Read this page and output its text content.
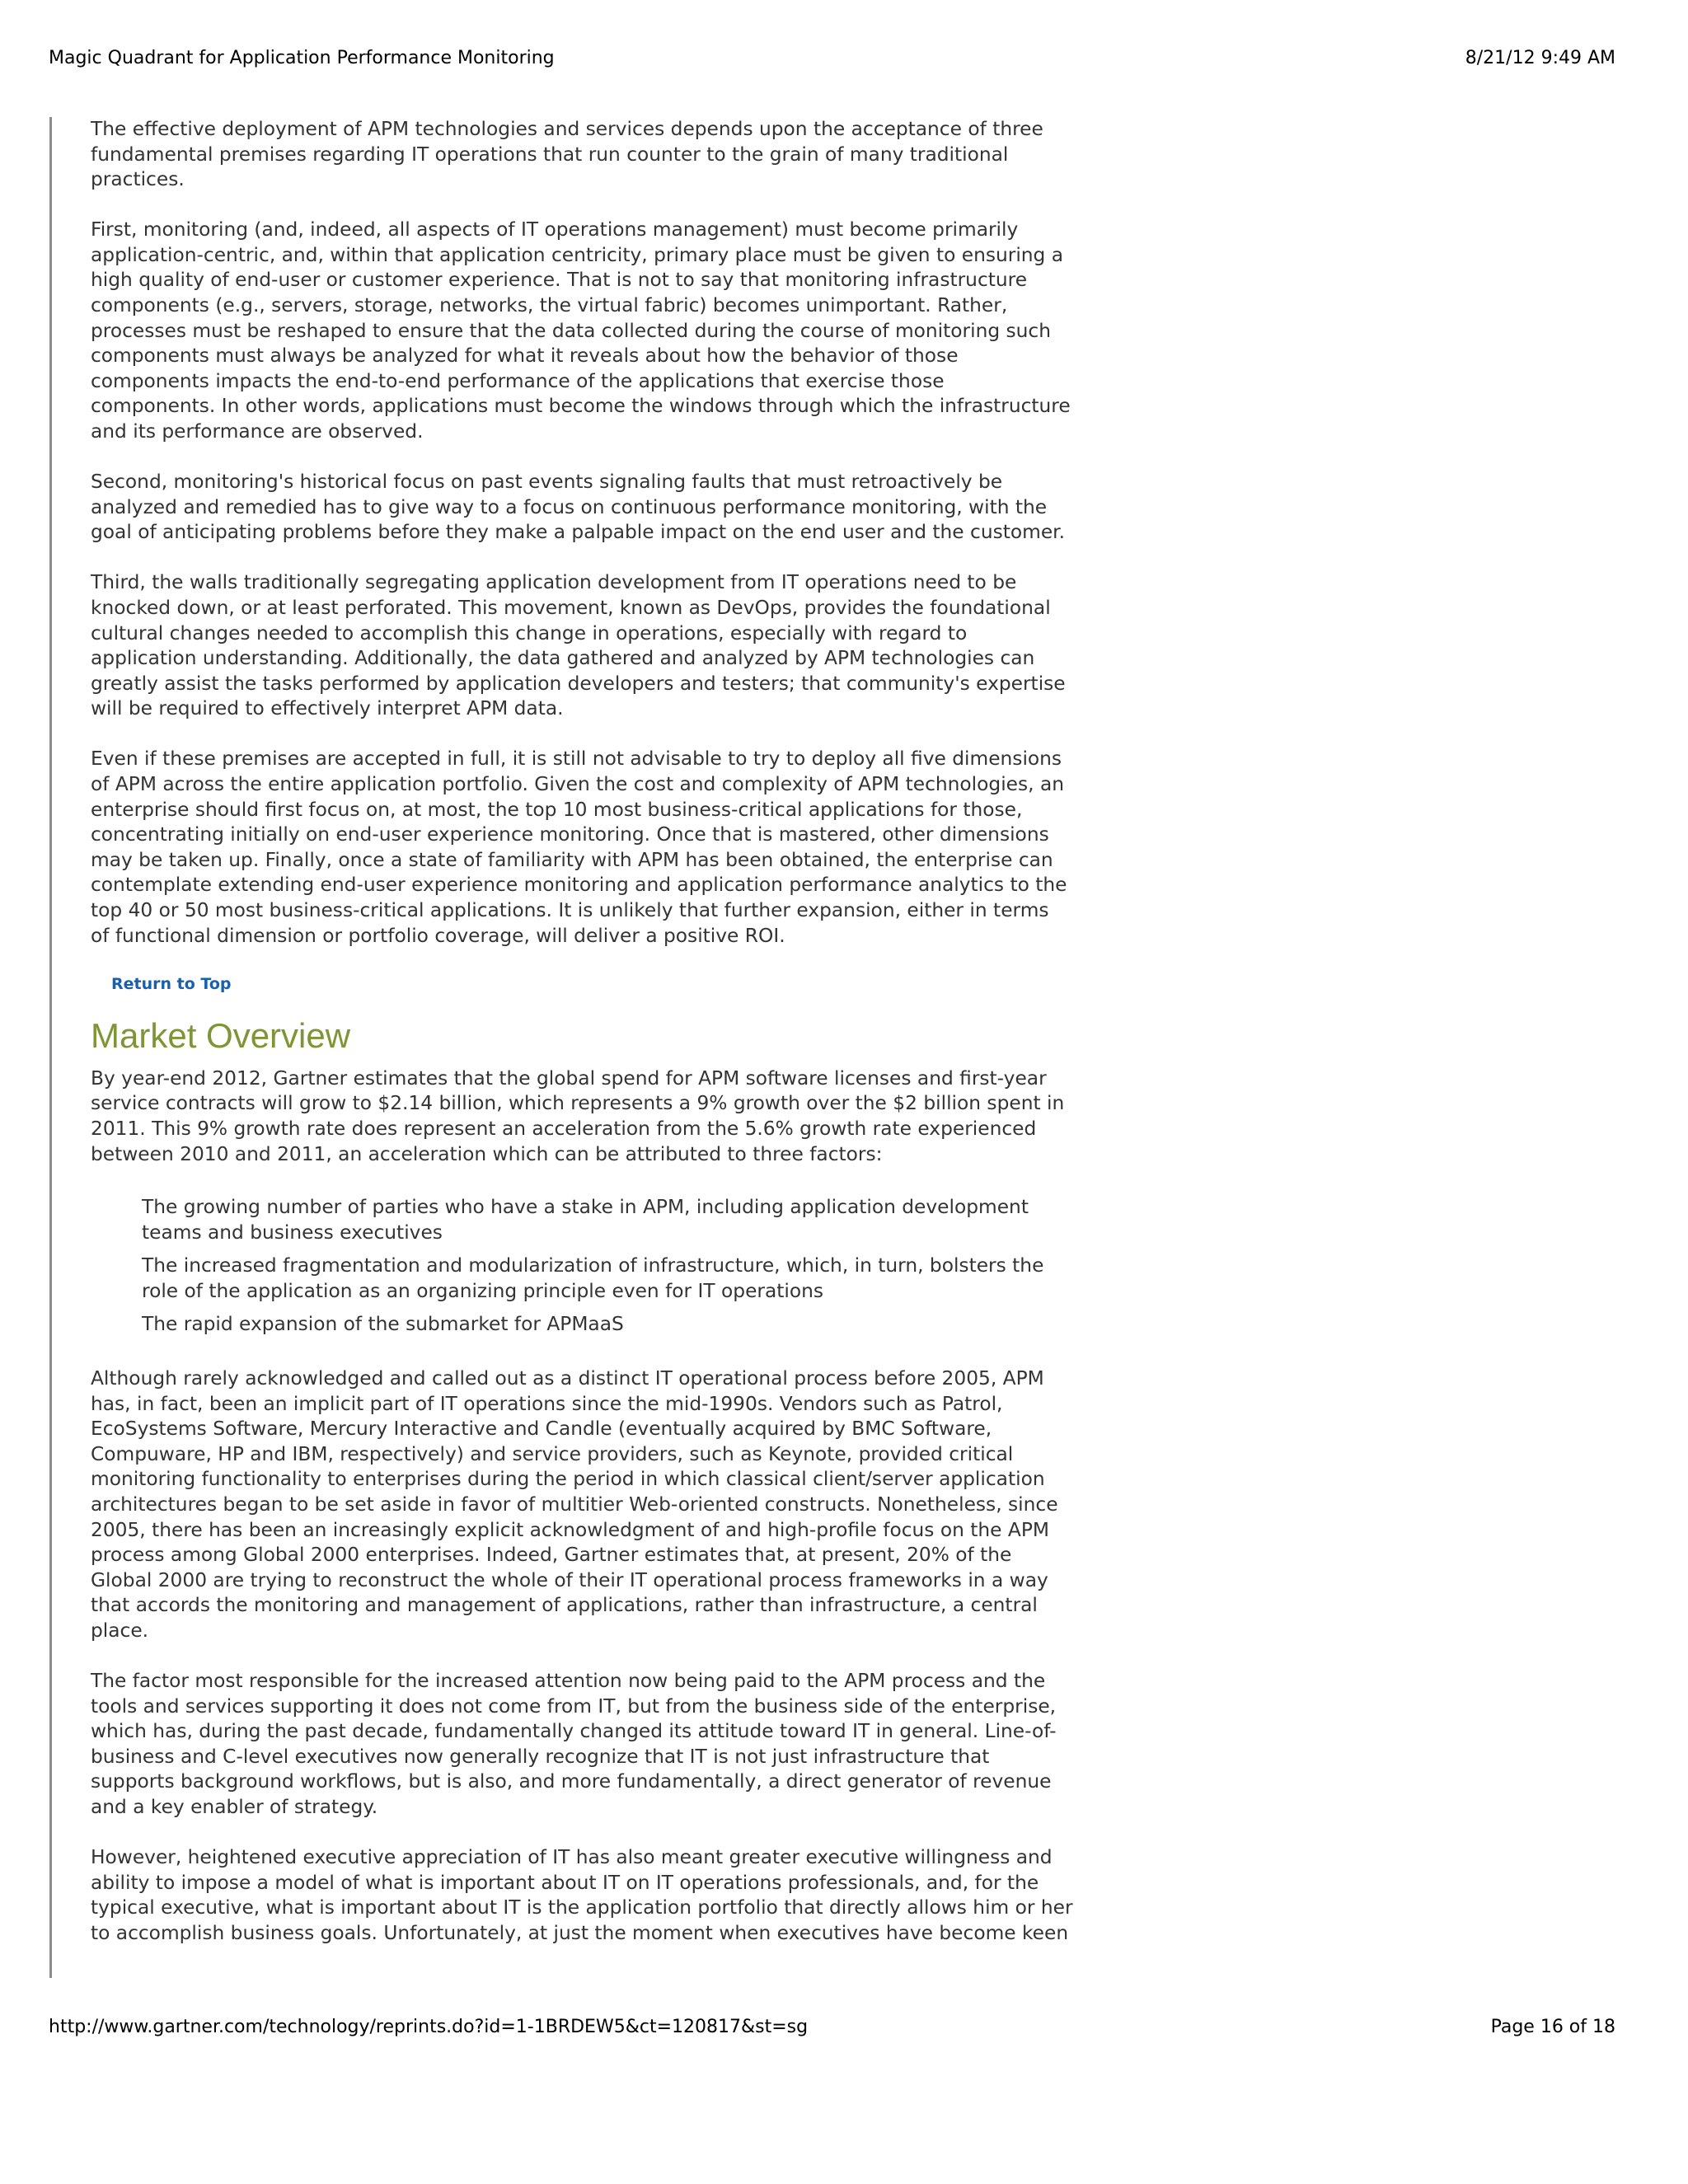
Magic Quadrant for Application Performance Monitoring	8/21/12 9:49 AM

The effective deployment of APM technologies and services depends upon the acceptance of three fundamental premises regarding IT operations that run counter to the grain of many traditional practices.

First, monitoring (and, indeed, all aspects of IT operations management) must become primarily application-centric, and, within that application centricity, primary place must be given to ensuring a high quality of end-user or customer experience. That is not to say that monitoring infrastructure components (e.g., servers, storage, networks, the virtual fabric) becomes unimportant. Rather, processes must be reshaped to ensure that the data collected during the course of monitoring such components must always be analyzed for what it reveals about how the behavior of those components impacts the end-to-end performance of the applications that exercise those components. In other words, applications must become the windows through which the infrastructure and its performance are observed.

Second, monitoring's historical focus on past events signaling faults that must retroactively be analyzed and remedied has to give way to a focus on continuous performance monitoring, with the goal of anticipating problems before they make a palpable impact on the end user and the customer.

Third, the walls traditionally segregating application development from IT operations need to be knocked down, or at least perforated. This movement, known as DevOps, provides the foundational cultural changes needed to accomplish this change in operations, especially with regard to application understanding. Additionally, the data gathered and analyzed by APM technologies can greatly assist the tasks performed by application developers and testers; that community's expertise will be required to effectively interpret APM data.

Even if these premises are accepted in full, it is still not advisable to try to deploy all five dimensions of APM across the entire application portfolio. Given the cost and complexity of APM technologies, an enterprise should first focus on, at most, the top 10 most business-critical applications for those, concentrating initially on end-user experience monitoring. Once that is mastered, other dimensions may be taken up. Finally, once a state of familiarity with APM has been obtained, the enterprise can contemplate extending end-user experience monitoring and application performance analytics to the top 40 or 50 most business-critical applications. It is unlikely that further expansion, either in terms of functional dimension or portfolio coverage, will deliver a positive ROI.

Return to Top
Market Overview

By year-end 2012, Gartner estimates that the global spend for APM software licenses and first-year service contracts will grow to $2.14 billion, which represents a 9% growth over the $2 billion spent in 2011. This 9% growth rate does represent an acceleration from the 5.6% growth rate experienced between 2010 and 2011, an acceleration which can be attributed to three factors:

The growing number of parties who have a stake in APM, including application development teams and business executives
The increased fragmentation and modularization of infrastructure, which, in turn, bolsters the role of the application as an organizing principle even for IT operations
The rapid expansion of the submarket for APMaaS

Although rarely acknowledged and called out as a distinct IT operational process before 2005, APM has, in fact, been an implicit part of IT operations since the mid-1990s. Vendors such as Patrol, EcoSystems Software, Mercury Interactive and Candle (eventually acquired by BMC Software, Compuware, HP and IBM, respectively) and service providers, such as Keynote, provided critical monitoring functionality to enterprises during the period in which classical client/server application architectures began to be set aside in favor of multitier Web-oriented constructs. Nonetheless, since 2005, there has been an increasingly explicit acknowledgment of and high-profile focus on the APM process among Global 2000 enterprises. Indeed, Gartner estimates that, at present, 20% of the Global 2000 are trying to reconstruct the whole of their IT operational process frameworks in a way that accords the monitoring and management of applications, rather than infrastructure, a central place.

The factor most responsible for the increased attention now being paid to the APM process and the tools and services supporting it does not come from IT, but from the business side of the enterprise, which has, during the past decade, fundamentally changed its attitude toward IT in general. Line-of-business and C-level executives now generally recognize that IT is not just infrastructure that supports background workflows, but is also, and more fundamentally, a direct generator of revenue and a key enabler of strategy.

However, heightened executive appreciation of IT has also meant greater executive willingness and ability to impose a model of what is important about IT on IT operations professionals, and, for the typical executive, what is important about IT is the application portfolio that directly allows him or her to accomplish business goals. Unfortunately, at just the moment when executives have become keen

http://www.gartner.com/technology/reprints.do?id=1-1BRDEW5&ct=120817&st=sg	Page 16 of 18
